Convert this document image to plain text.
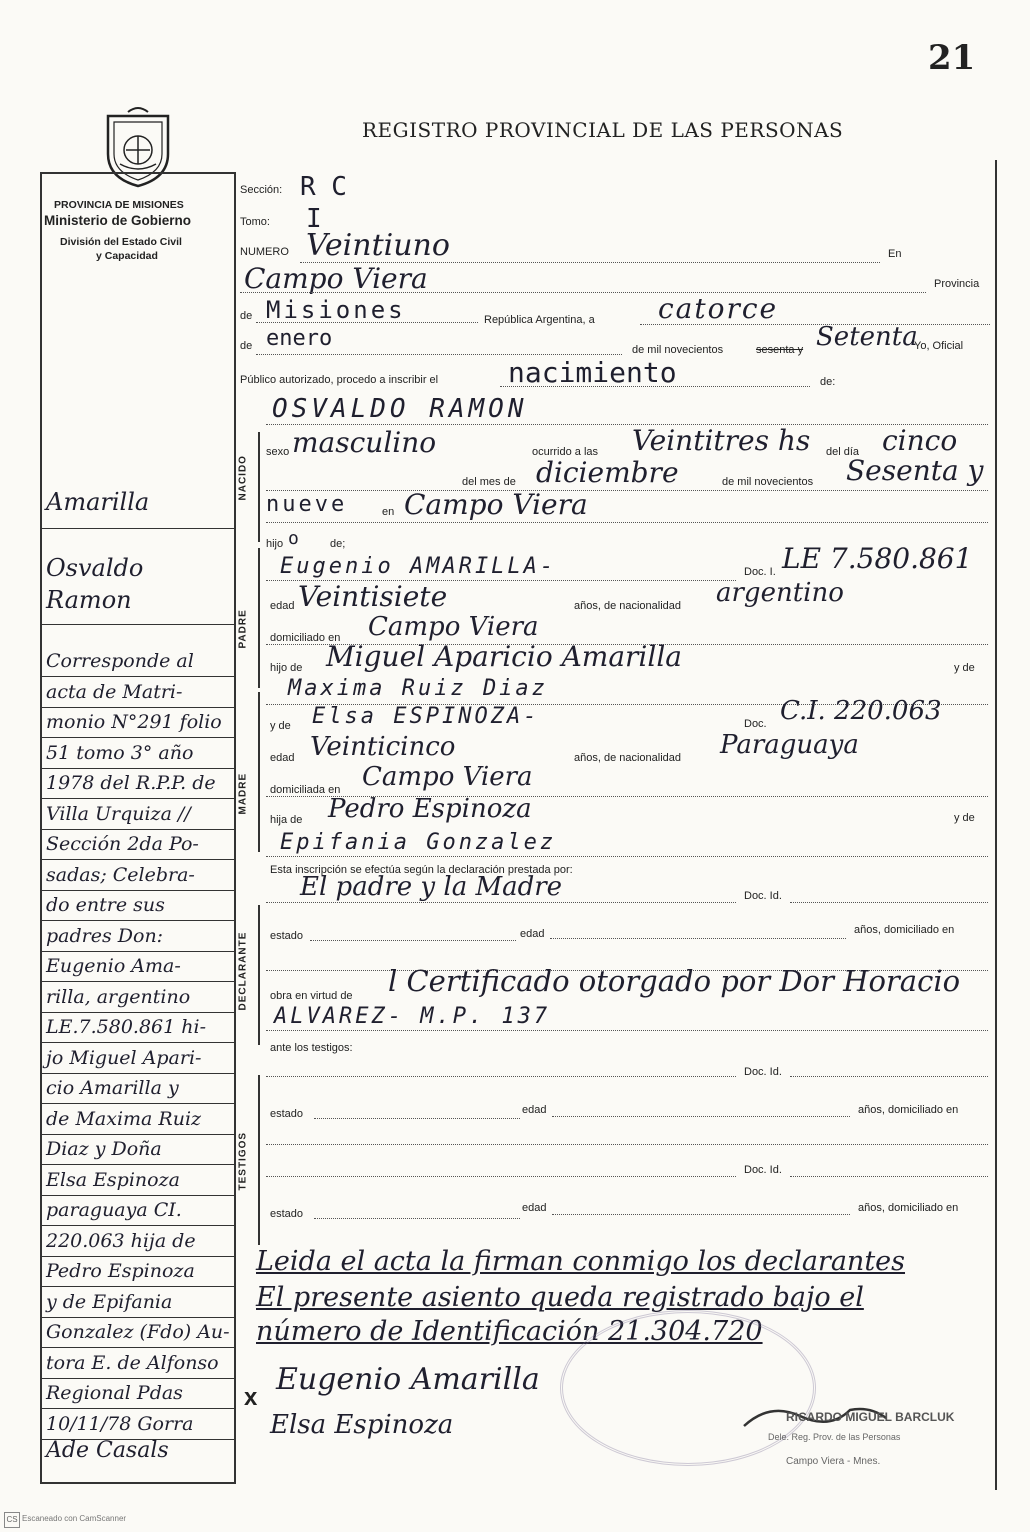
21
REGISTRO PROVINCIAL DE LAS PERSONAS
PROVINCIA DE MISIONES
Ministerio de Gobierno
División del Estado Civil
y Capacidad
NACIDO
PADRE
MADRE
DECLARANTE
TESTIGOS
Sección: R C
Tomo: I
NUMERO Veintiuno	En
Campo Viera	Provincia
de Misiones	República Argentina, a catorce
de enero	de mil novecientos	sesenta y Setenta
Yo, Oficial
Público autorizado, procedo a inscribir el nacimiento	de:
OSVALDO RAMON
sexo masculino	ocurrido a las Veintitres hs del día cinco
del mes de diciembre	de mil novecientos Sesenta y
nueve	en Campo Viera
hijo o	de;
Eugenio AMARILLA-	Doc. I. LE 7.580.861
edad Veintisiete	años, de nacionalidad argentino
domiciliado en Campo Viera
hijo de Miguel Aparicio Amarilla	y de
Maxima Ruiz Diaz
y de Elsa ESPINOZA-	Doc. C.I. 220.063
edad Veinticinco	años, de nacionalidad Paraguaya
domiciliada en Campo Viera
hija de Pedro Espinoza	y de
Epifania Gonzalez
Esta inscripción se efectúa según la declaración prestada por:
El padre y la Madre	Doc. Id.
estado	edad	años, domiciliado en
obra en virtud de l Certificado otorgado por Dor Horacio
ALVAREZ- M.P. 137
ante los testigos:
Doc. Id.
estado	edad	años, domiciliado en
Doc. Id.
estado	edad	años, domiciliado en
Leida el acta la firman conmigo los declarantes
El presente asiento queda registrado bajo el
número de Identificación 21.304.720
x
Eugenio Amarilla
Elsa Espinoza	RICARDO MIGUEL BARCLUK
Dele. Reg. Prov. de las Personas
Campo Viera - Mnes.
Amarilla
Osvaldo
Ramon
Corresponde al
acta de Matri-
monio N°291 folio
51 tomo 3° año
1978 del R.P.P. de
Villa Urquiza //
Sección 2da Po-
sadas; Celebra-
do entre sus
padres Don:
Eugenio Ama-
rilla, argentino
LE.7.580.861 hi-
jo Miguel Apari-
cio Amarilla y
de Maxima Ruiz
Diaz y Doña
Elsa Espinoza
paraguaya CI.
220.063 hija de
Pedro Espinoza
y de Epifania
Gonzalez (Fdo) Au-
tora E. de Alfonso
Regional Pdas
10/11/78 Gorra
Ade Casals
CS Escaneado con CamScanner
